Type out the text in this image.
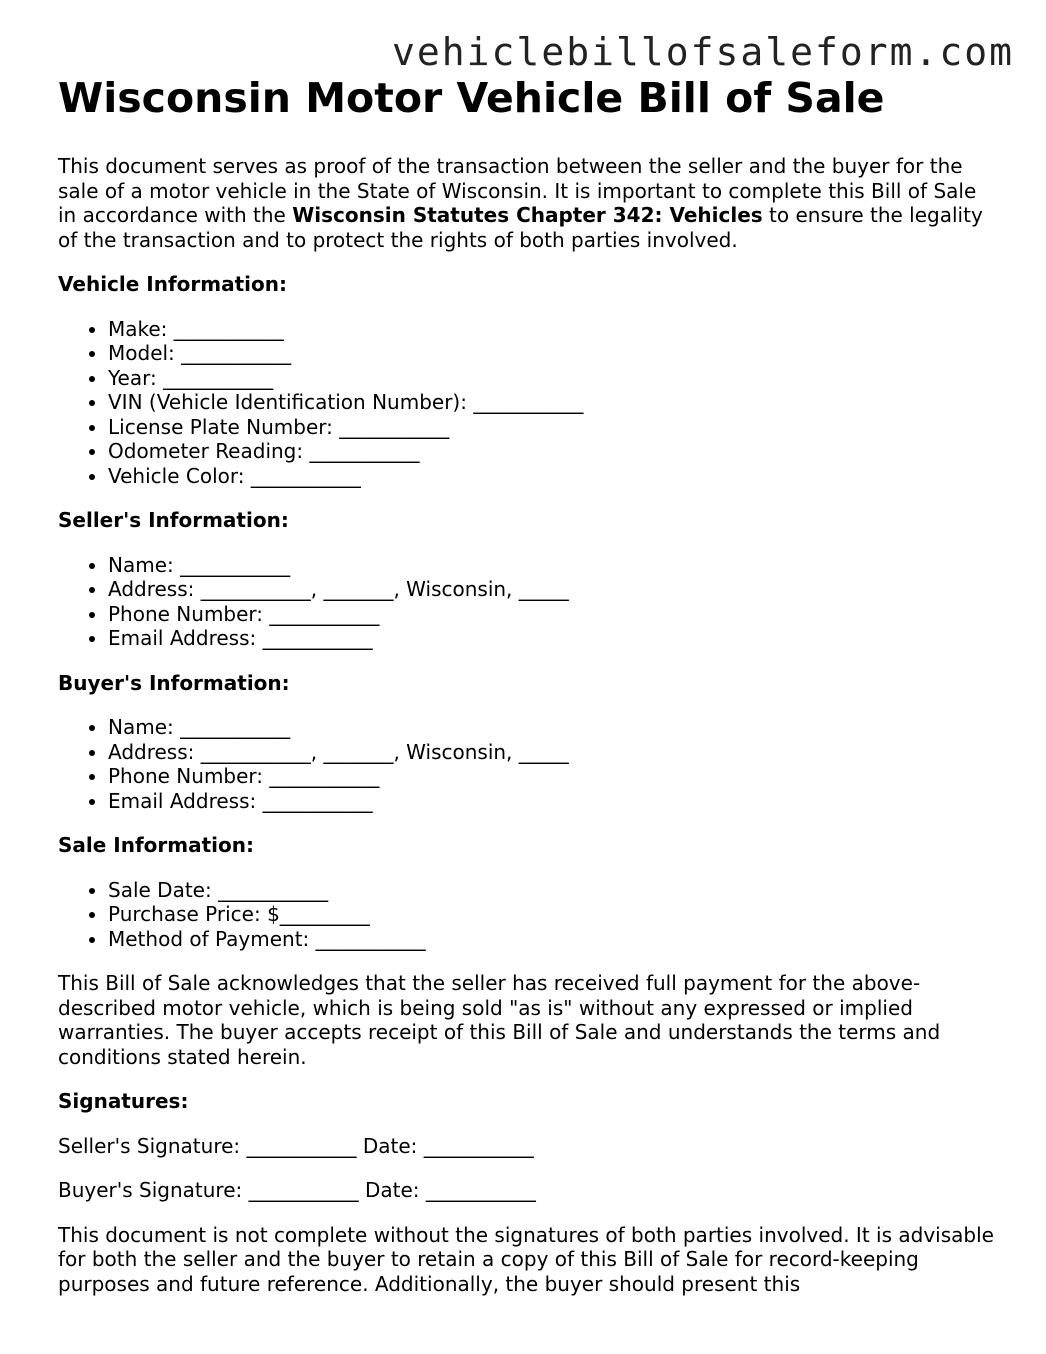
vehiclebillofsaleform.com
Wisconsin Motor Vehicle Bill of Sale

This document serves as proof of the transaction between the seller and the buyer for the sale of a motor vehicle in the State of Wisconsin. It is important to complete this Bill of Sale in accordance with the Wisconsin Statutes Chapter 342: Vehicles to ensure the legality of the transaction and to protect the rights of both parties involved.

Vehicle Information:
• Make: ___________
• Model: ___________
• Year: ___________
• VIN (Vehicle Identification Number): ___________
• License Plate Number: ___________
• Odometer Reading: ___________
• Vehicle Color: ___________
Seller's Information:
• Name: ___________
• Address: ___________, _______, Wisconsin, _____
• Phone Number: ___________
• Email Address: ___________
Buyer's Information:
• Name: ___________
• Address: ___________, _______, Wisconsin, _____
• Phone Number: ___________
• Email Address: ___________
Sale Information:
• Sale Date: ___________
• Purchase Price: $_________
• Method of Payment: ___________

This Bill of Sale acknowledges that the seller has received full payment for the above-described motor vehicle, which is being sold "as is" without any expressed or implied warranties. The buyer accepts receipt of this Bill of Sale and understands the terms and conditions stated herein.

Signatures:
Seller's Signature: ___________ Date: ___________
Buyer's Signature: ___________ Date: ___________

This document is not complete without the signatures of both parties involved. It is advisable for both the seller and the buyer to retain a copy of this Bill of Sale for record-keeping purposes and future reference. Additionally, the buyer should present this
